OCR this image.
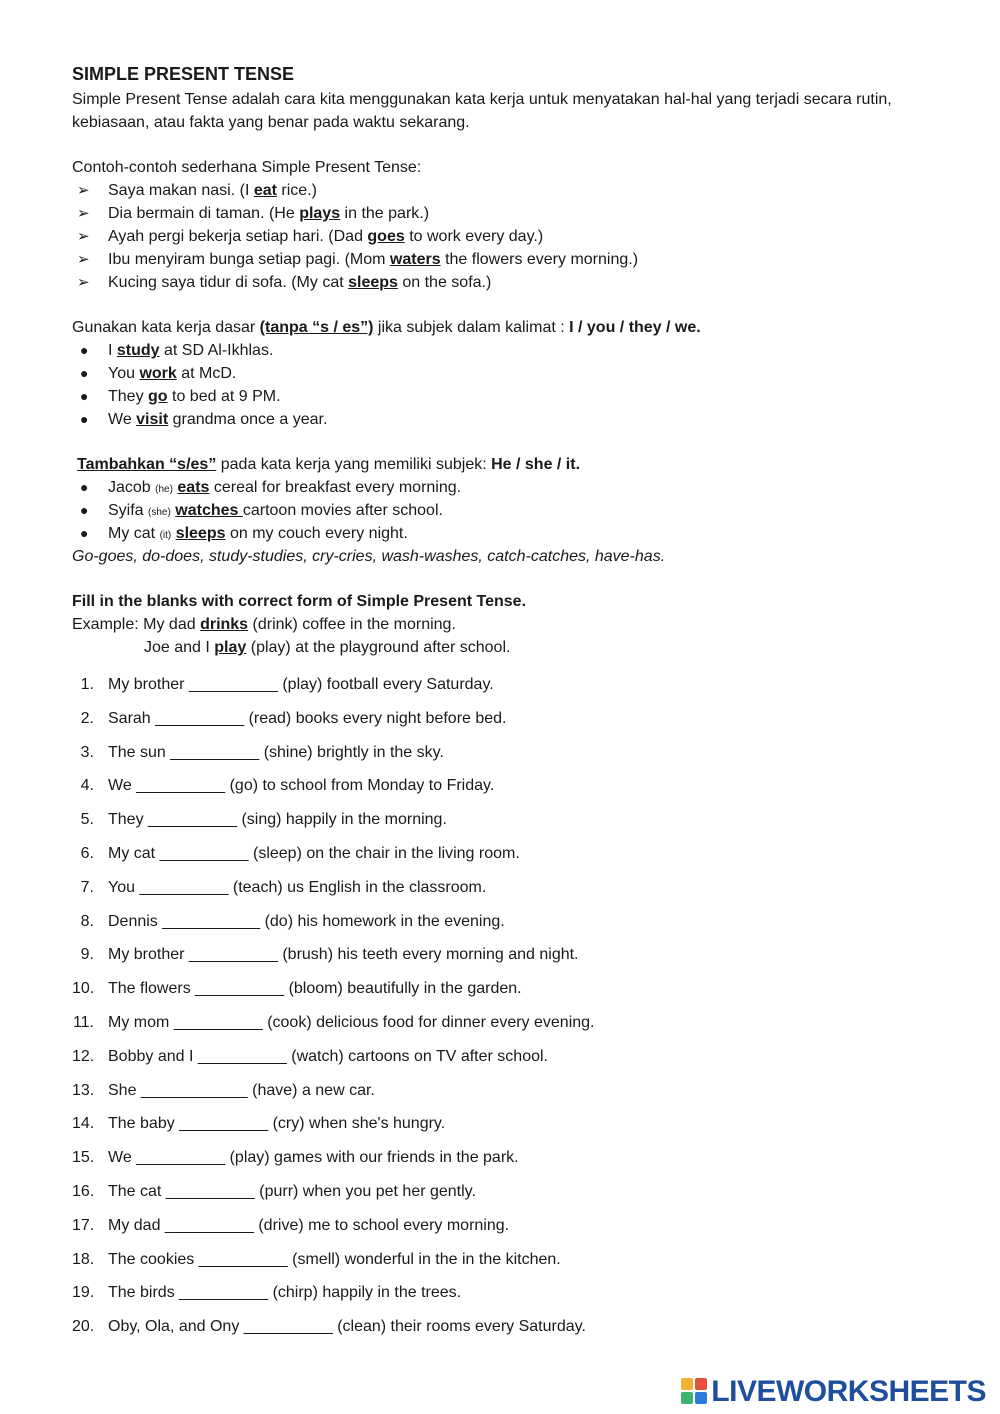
SIMPLE PRESENT TENSE

Simple Present Tense adalah cara kita menggunakan kata kerja untuk menyatakan hal-hal yang terjadi secara rutin, kebiasaan, atau fakta yang benar pada waktu sekarang.

Contoh-contoh sederhana Simple Present Tense:

➢ Saya makan nasi. (I eat rice.)
➢ Dia bermain di taman. (He plays in the park.)
➢ Ayah pergi bekerja setiap hari. (Dad goes to work every day.)
➢ Ibu menyiram bunga setiap pagi. (Mom waters the flowers every morning.)
➢ Kucing saya tidur di sofa. (My cat sleeps on the sofa.)

Gunakan kata kerja dasar (tanpa “s / es”) jika subjek dalam kalimat : I / you / they / we.

● I study at SD Al-Ikhlas.
● You work at McD.
● They go to bed at 9 PM.
● We visit grandma once a year.

Tambahkan “s/es” pada kata kerja yang memiliki subjek: He / she / it.

● Jacob (he) eats cereal for breakfast every morning.
● Syifa (she) watches cartoon movies after school.
● My cat (it) sleeps on my couch every night.

Go-goes, do-does, study-studies, cry-cries, wash-washes, catch-catches, have-has.

Fill in the blanks with correct form of Simple Present Tense.

Example: My dad drinks (drink) coffee in the morning.

Joe and I play (play) at the playground after school.

1. My brother __________ (play) football every Saturday.
2. Sarah __________ (read) books every night before bed.
3. The sun __________ (shine) brightly in the sky.
4. We __________ (go) to school from Monday to Friday.
5. They __________ (sing) happily in the morning.
6. My cat __________ (sleep) on the chair in the living room.
7. You __________ (teach) us English in the classroom.
8. Dennis ___________ (do) his homework in the evening.
9. My brother __________ (brush) his teeth every morning and night.
10. The flowers __________ (bloom) beautifully in the garden.
11. My mom __________ (cook) delicious food for dinner every evening.
12. Bobby and I __________ (watch) cartoons on TV after school.
13. She ____________ (have) a new car.
14. The baby __________ (cry) when she's hungry.
15. We __________ (play) games with our friends in the park.
16. The cat __________ (purr) when you pet her gently.
17. My dad __________ (drive) me to school every morning.
18. The cookies __________ (smell) wonderful in the in the kitchen.
19. The birds __________ (chirp) happily in the trees.
20. Oby, Ola, and Ony __________ (clean) their rooms every Saturday.
LIVEWORKSHEETS
